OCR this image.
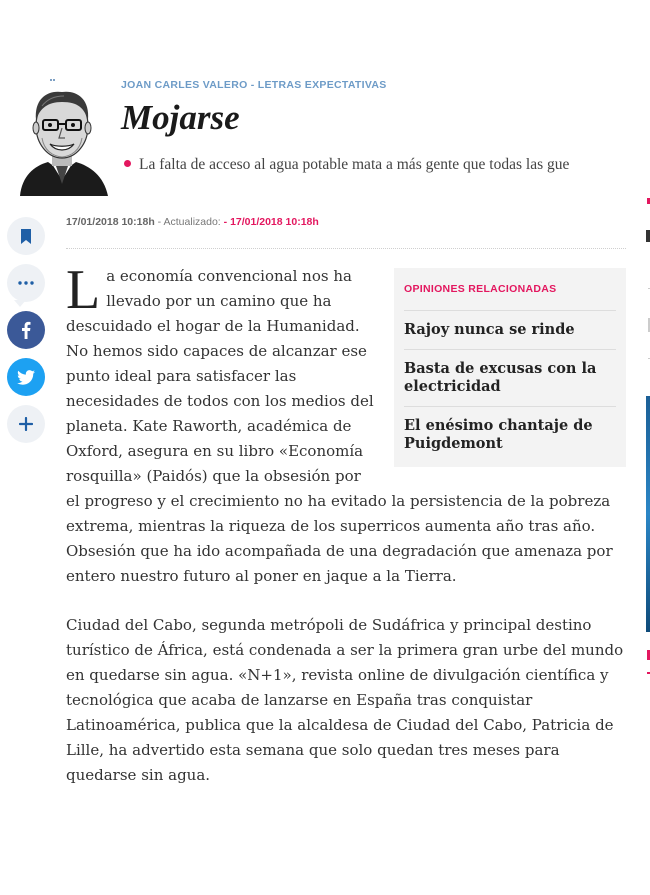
JOAN CARLES VALERO - LETRAS EXPECTATIVAS
Mojarse
La falta de acceso al agua potable mata a más gente que todas las gue
17/01/2018 10:18h - Actualizado: - 17/01/2018 10:18h
OPINIONES RELACIONADAS
Rajoy nunca se rinde
Basta de excusas con la electricidad
El enésimo chantaje de Puigdemont

La economía convencional nos ha llevado por un camino que ha descuidado el hogar de la Humanidad. No hemos sido capaces de alcanzar ese punto ideal para satisfacer las necesidades de todos con los medios del planeta. Kate Raworth, académica de Oxford, asegura en su libro «Economía rosquilla» (Paidós) que la obsesión por el progreso y el crecimiento no ha evitado la persistencia de la pobreza extrema, mientras la riqueza de los superricos aumenta año tras año. Obsesión que ha ido acompañada de una degradación que amenaza por entero nuestro futuro al poner en jaque a la Tierra.

Ciudad del Cabo, segunda metrópoli de Sudáfrica y principal destino turístico de África, está condenada a ser la primera gran urbe del mundo en quedarse sin agua. «N+1», revista online de divulgación científica y tecnológica que acaba de lanzarse en España tras conquistar Latinoamérica, publica que la alcaldesa de Ciudad del Cabo, Patricia de Lille, ha advertido esta semana que solo quedan tres meses para quedarse sin agua.
